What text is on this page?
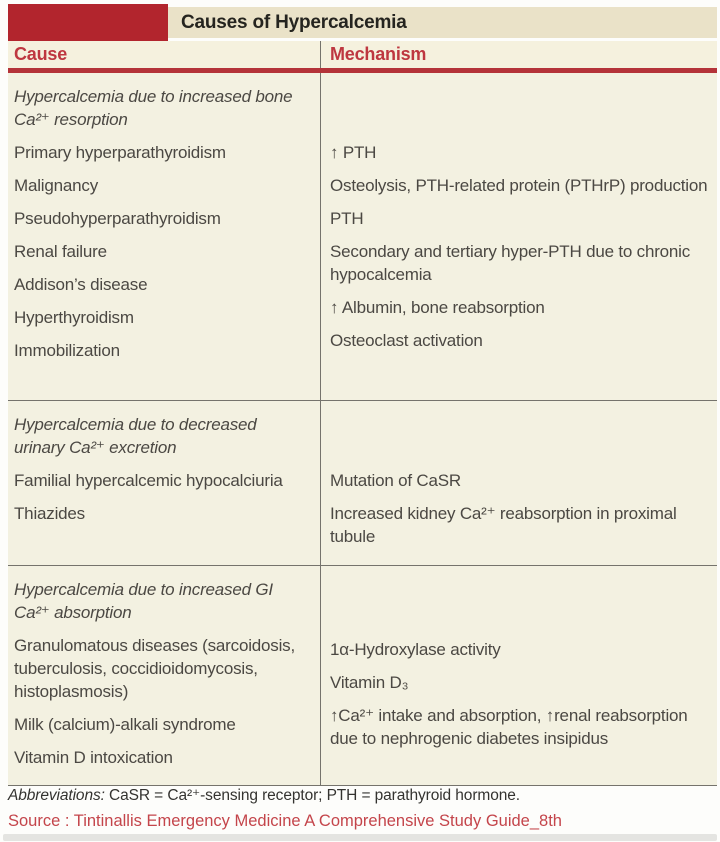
Causes of Hypercalcemia
Cause	Mechanism

Hypercalcemia due to increased bone Ca²⁺ resorption

Primary hyperparathyroidism

Malignancy

Pseudohyperparathyroidism

Renal failure

Addison’s disease

Hyperthyroidism

Immobilization

↑ PTH

Osteolysis, PTH-related protein (PTHrP) production

PTH

Secondary and tertiary hyper-PTH due to chronic hypocalcemia

↑ Albumin, bone reabsorption

Osteoclast activation

Hypercalcemia due to decreased urinary Ca²⁺ excretion

Familial hypercalcemic hypocalciuria

Thiazides

Mutation of CaSR

Increased kidney Ca²⁺ reabsorption in proximal tubule

Hypercalcemia due to increased GI Ca²⁺ absorption

Granulomatous diseases (sarcoidosis, tuberculosis, coccidioidomycosis, histoplasmosis)

Milk (calcium)-alkali syndrome

Vitamin D intoxication

1α-Hydroxylase activity

Vitamin D₃

↑Ca²⁺ intake and absorption, ↑renal reabsorption due to nephrogenic diabetes insipidus

Abbreviations: CaSR = Ca²⁺-sensing receptor; PTH = parathyroid hormone.

Source : Tintinallis Emergency Medicine A Comprehensive Study Guide_8th
